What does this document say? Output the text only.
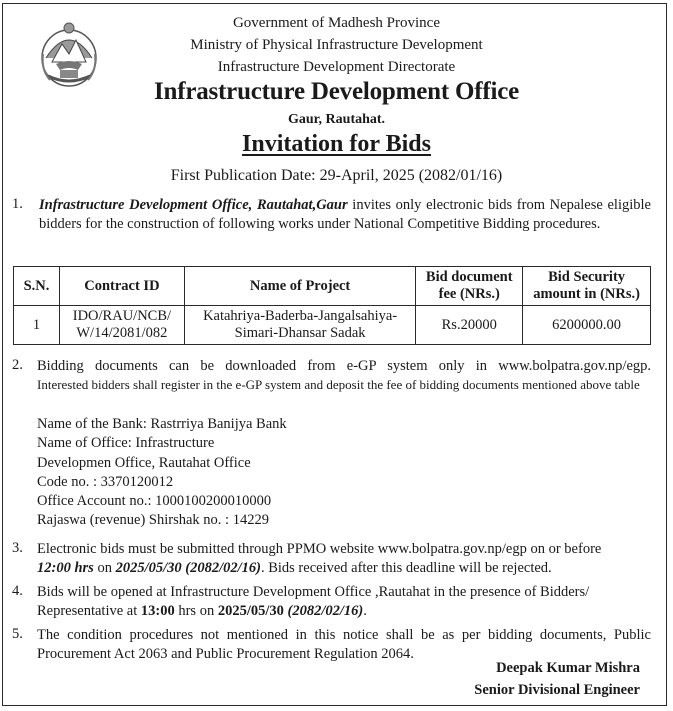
Government of Madhesh Province
Ministry of Physical Infrastructure Development
Infrastructure Development Directorate
Infrastructure Development Office
Gaur, Rautahat.
Invitation for Bids
First Publication Date: 29-April, 2025 (2082/01/16)
1. Infrastructure Development Office, Rautahat,Gaur invites only electronic bids from Nepalese eligible bidders for the construction of following works under National Competitive Bidding procedures.
S.N.	Contract ID	Name of Project	Bid document fee (NRs.)	Bid Security amount in (NRs.)
1	IDO/RAU/NCB/ W/14/2081/082	Katahriya-Baderba-Jangalsahiya- Simari-Dhansar Sadak	Rs.20000	6200000.00
2. Bidding documents can be downloaded from e-GP system only in www.bolpatra.gov.np/egp.
Interested bidders shall register in the e-GP system and deposit the fee of bidding documents mentioned above table
Name of the Bank: Rastrriya Banijya Bank
Name of Office: Infrastructure
Developmen Office, Rautahat Office
Code no. : 3370120012
Office Account no.: 1000100200010000
Rajaswa (revenue) Shirshak no. : 14229
3. Electronic bids must be submitted through PPMO website www.bolpatra.gov.np/egp on or before
12:00 hrs on 2025/05/30 (2082/02/16). Bids received after this deadline will be rejected.
4. Bids will be opened at Infrastructure Development Office ,Rautahat in the presence of Bidders/ Representative at 13:00 hrs on 2025/05/30 (2082/02/16).
5. The condition procedures not mentioned in this notice shall be as per bidding documents, Public Procurement Act 2063 and Public Procurement Regulation 2064.
Deepak Kumar Mishra
Senior Divisional Engineer
